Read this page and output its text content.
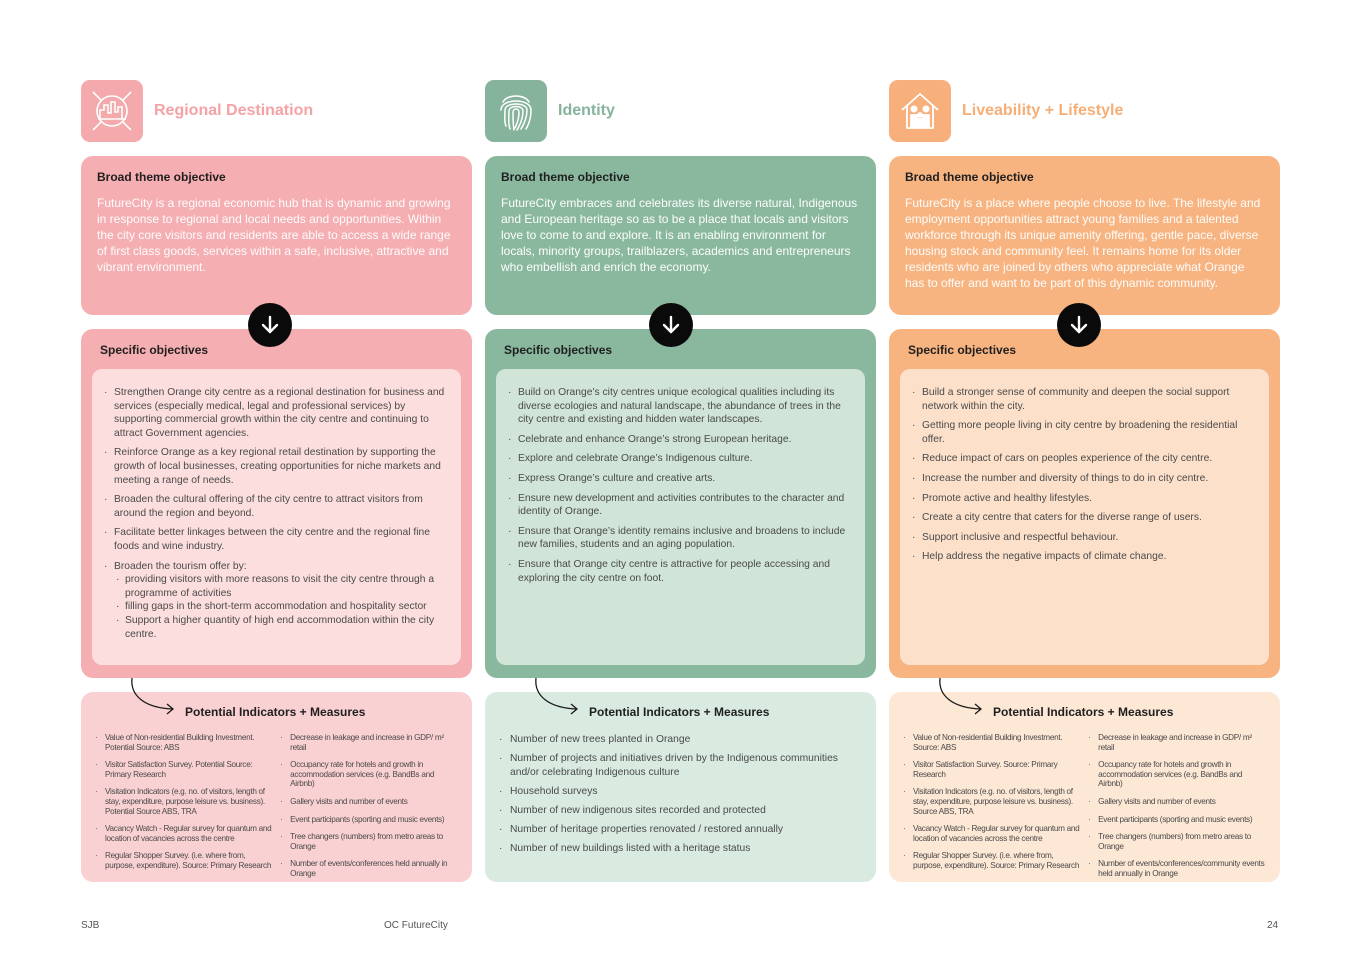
Regional Destination
Broad theme objective
FutureCity is a regional economic hub that is dynamic and growing in response to regional and local needs and opportunities. Within the city core visitors and residents are able to access a wide range of first class goods, services within a safe, inclusive, attractive and vibrant environment.
Specific objectives
· Strengthen Orange city centre as a regional destination for business and services (especially medical, legal and professional services) by supporting commercial growth within the city centre and continuing to attract Government agencies.
· Reinforce Orange as a key regional retail destination by supporting the growth of local businesses, creating opportunities for niche markets and meeting a range of needs.
· Broaden the cultural offering of the city centre to attract visitors from around the region and beyond.
· Facilitate better linkages between the city centre and the regional fine foods and wine industry.
· Broaden the tourism offer by:
· providing visitors with more reasons to visit the city centre through a programme of activities
· filling gaps in the short-term accommodation and hospitality sector
· Support a higher quantity of high end accommodation within the city centre.
Potential Indicators + Measures
· Value of Non-residential Building Investment. Potential Source: ABS
· Visitor Satisfaction Survey. Potential Source: Primary Research
· Visitation Indicators (e.g. no. of visitors, length of stay, expenditure, purpose leisure vs. business). Potential Source ABS, TRA
· Vacancy Watch - Regular survey for quantum and location of vacancies across the centre
· Regular Shopper Survey. (i.e. where from, purpose, expenditure). Source: Primary Research
· Decrease in leakage and increase in GDP/ m² retail
· Occupancy rate for hotels and growth in accommodation services (e.g. BandBs and Airbnb)
· Gallery visits and number of events
· Event participants (sporting and music events)
· Tree changers (numbers) from metro areas to Orange
· Number of events/conferences held annually in Orange
Identity
Broad theme objective
FutureCity embraces and celebrates its diverse natural, Indigenous and European heritage so as to be a place that locals and visitors love to come to and explore. It is an enabling environment for locals, minority groups, trailblazers, academics and entrepreneurs who embellish and enrich the economy.
Specific objectives
· Build on Orange’s city centres unique ecological qualities including its diverse ecologies and natural landscape, the abundance of trees in the city centre and existing and hidden water landscapes.
· Celebrate and enhance Orange’s strong European heritage.
· Explore and celebrate Orange’s Indigenous culture.
· Express Orange’s culture and creative arts.
· Ensure new development and activities contributes to the character and identity of Orange.
· Ensure that Orange’s identity remains inclusive and broadens to include new families, students and an aging population.
· Ensure that Orange city centre is attractive for people accessing and exploring the city centre on foot.
Potential Indicators + Measures
· Number of new trees planted in Orange
· Number of projects and initiatives driven by the Indigenous communities and/or celebrating Indigenous culture
· Household surveys
· Number of new indigenous sites recorded and protected
· Number of heritage properties renovated / restored annually
· Number of new buildings listed with a heritage status
Liveability + Lifestyle
Broad theme objective
FutureCity is a place where people choose to live. The lifestyle and employment opportunities attract young families and a talented workforce through its unique amenity offering, gentle pace, diverse housing stock and community feel. It remains home for its older residents who are joined by others who appreciate what Orange has to offer and want to be part of this dynamic community.
Specific objectives
· Build a stronger sense of community and deepen the social support network within the city.
· Getting more people living in city centre by broadening the residential offer.
· Reduce impact of cars on peoples experience of the city centre.
· Increase the number and diversity of things to do in city centre.
· Promote active and healthy lifestyles.
· Create a city centre that caters for the diverse range of users.
· Support inclusive and respectful behaviour.
· Help address the negative impacts of climate change.
Potential Indicators + Measures
· Value of Non-residential Building Investment. Source: ABS
· Visitor Satisfaction Survey. Source: Primary Research
· Visitation Indicators (e.g. no. of visitors, length of stay, expenditure, purpose leisure vs. business). Source ABS, TRA
· Vacancy Watch - Regular survey for quantum and location of vacancies across the centre
· Regular Shopper Survey. (i.e. where from, purpose, expenditure). Source: Primary Research
· Decrease in leakage and increase in GDP/ m² retail
· Occupancy rate for hotels and growth in accommodation services (e.g. BandBs and Airbnb)
· Gallery visits and number of events
· Event participants (sporting and music events)
· Tree changers (numbers) from metro areas to Orange
· Number of events/conferences/community events held annually in Orange
SJB	OC FutureCity	24
